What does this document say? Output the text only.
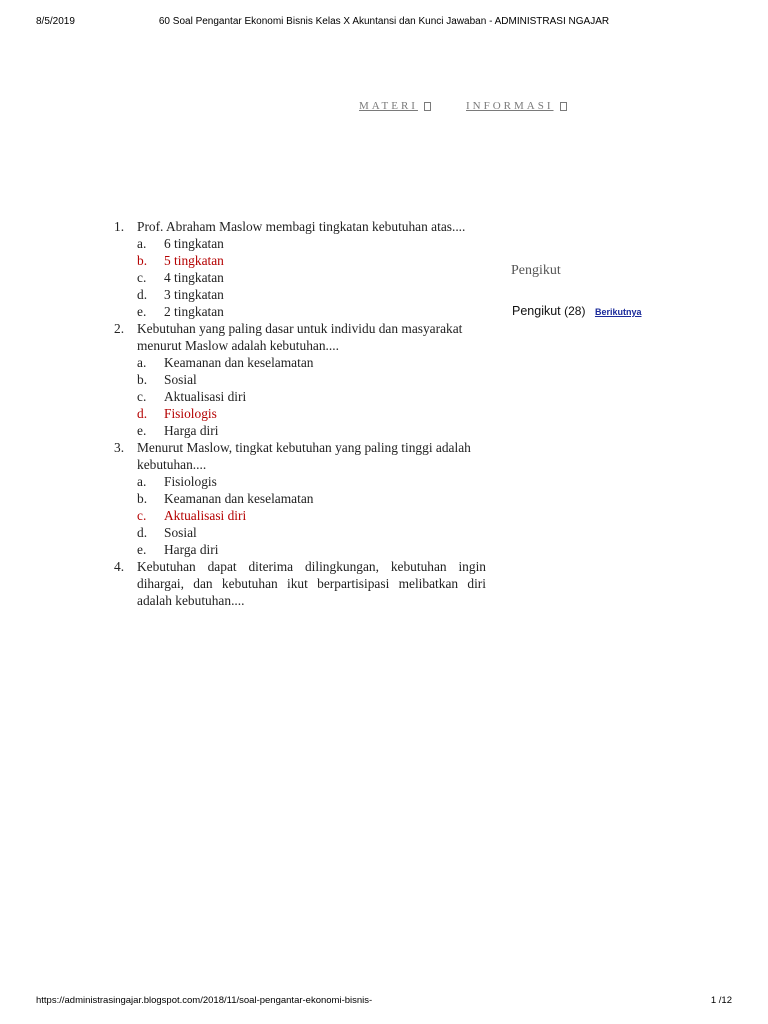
8/5/2019	60 Soal Pengantar Ekonomi Bisnis Kelas X Akuntansi dan Kunci Jawaban - ADMINISTRASI NGAJAR
MATERI	INFORMASI
1. Prof. Abraham Maslow membagi tingkatan kebutuhan atas....
a. 6 tingkatan
b. 5 tingkatan
c. 4 tingkatan
d. 3 tingkatan
e. 2 tingkatan
2. Kebutuhan yang paling dasar untuk individu dan masyarakat menurut Maslow adalah kebutuhan....
a. Keamanan dan keselamatan
b. Sosial
c. Aktualisasi diri
d. Fisiologis
e. Harga diri
3. Menurut Maslow, tingkat kebutuhan yang paling tinggi adalah kebutuhan....
a. Fisiologis
b. Keamanan dan keselamatan
c. Aktualisasi diri
d. Sosial
e. Harga diri
4. Kebutuhan dapat diterima dilingkungan, kebutuhan ingin dihargai, dan kebutuhan ikut berpartisipasi melibatkan diri adalah kebutuhan....
Pengikut
Pengikut (28) Berikutnya
https://administrasingajar.blogspot.com/2018/11/soal-pengantar-ekonomi-bisnis-	1 /12
